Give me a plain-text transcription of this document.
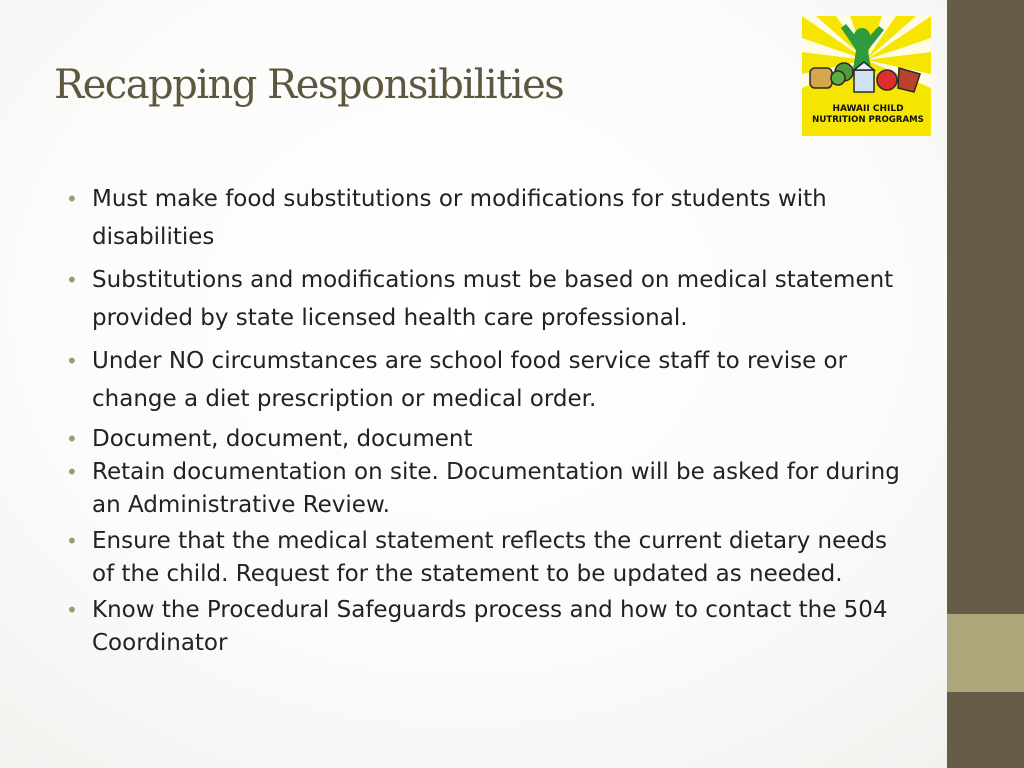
Recapping Responsibilities
HAWAII CHILD
NUTRITION PROGRAMS
• Must make food substitutions or modifications for students with disabilities
• Substitutions and modifications must be based on medical statement provided by state licensed health care professional.
• Under NO circumstances are school food service staff to revise or change a diet prescription or medical order.
• Document, document, document
• Retain documentation on site. Documentation will be asked for during an Administrative Review.
• Ensure that the medical statement reflects the current dietary needs of the child. Request for the statement to be updated as needed.
• Know the Procedural Safeguards process and how to contact the 504 Coordinator
